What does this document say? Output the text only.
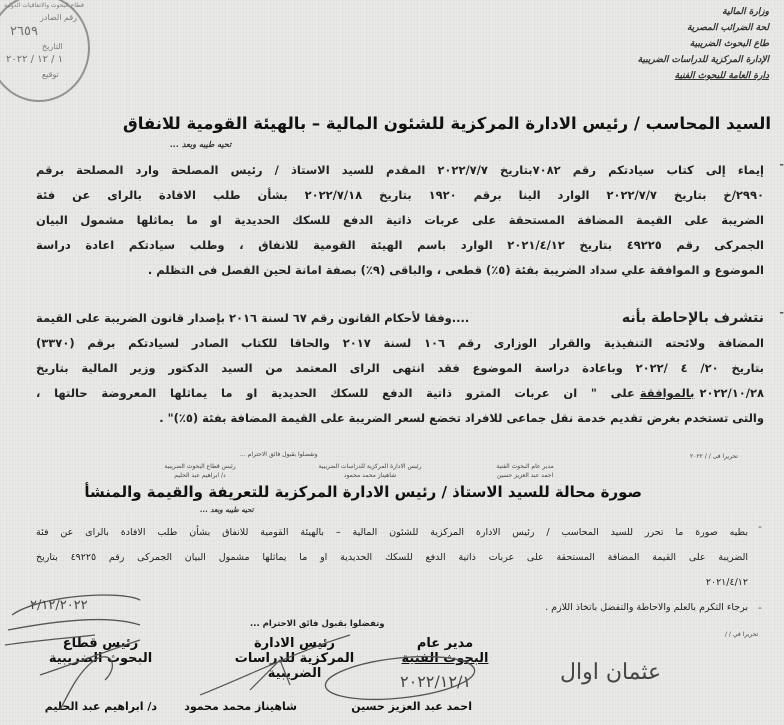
وزارة المالية
لحة الضرائب المصرية
طاع البحوث الضريبية
الإدارة المركزية للدراسات الضريبية
دارة العامة للبحوث الفنية
قطاع البحوث والاتفاقيات الدولية
رقم الصادر
٢٦٥٩
التاريخ
١ / ١٢ / ٢٠٢٢
توقيع
السيد المحاسب / رئيس الادارة المركزية للشئون المالية – بالهيئة القومية للانفاق
تحيه طيبه وبعد ...
-
إيماء إلى كتاب سيادتكم رقم ٧٠٨٢بتاريخ ٢٠٢٢/٧/٧ المقدم للسيد الاستاذ / رئيس المصلحة وارد المصلحة برقم
٢٩٩٠/خ بتاريخ ٢٠٢٢/٧/٧ الوارد الينا برقم ١٩٢٠ بتاريخ ٢٠٢٢/٧/١٨ بشأن طلب الافادة بالراى عن فئة
الضريبة على القيمة المضافة المستحقة على عربات ذاتية الدفع للسكك الحديدية او ما يماثلها مشمول البيان
الجمركى رقم ٤٩٢٢٥ بتاريخ ٢٠٢١/٤/١٢ الوارد باسم الهيئة القومية للانفاق ، وطلب سيادتكم اعادة دراسة
الموضوع و الموافقة علي سداد الضريبة بفئة (٥٪) قطعى ، والباقى (٩٪) بصفة امانة لحين الفصل فى التظلم .
-
نتشرف بالإحاطة بأنه
....وفقا لأحكام القانون رقم ٦٧ لسنة ٢٠١٦ بإصدار قانون الضريبة على القيمة
المضافة ولائحته التنفيذية والقرار الوزارى رقم ١٠٦ لسنة ٢٠١٧ والحاقا للكتاب الصادر لسيادتكم برقم (٣٣٧٠)
بتاريخ ٢٠/ ٤ /٢٠٢٢ وباعادة دراسة الموضوع فقد انتهى الراى المعتمد من السيد الدكتور وزير المالية بتاريخ
٢٠٢٢/١٠/٢٨
بالموافقة
على " ان عربات المترو ذاتية الدفع للسكك الحديدية او ما يماثلها المعروضة حالتها ،
والتى تستخدم بغرض تقديم خدمة نقل جماعى للافراد تخضع لسعر الضريبة على القيمة المضافة بفئة (٥٪)" .
وتفضلوا بقبول فائق الاحترام ...	تحريرا فى / / ٢٠٢٢
مدير عام البحوث الفنية
احمد عبد العزيز حسين
رئيس الادارة المركزية للدراسات الضريبية
شاهيناز محمد محمود
رئيس قطاع البحوث الضريبية
د/ ابراهيم عبد الحليم
صورة محالة للسيد الاستاذ / رئيس الادارة المركزية للتعريفة والقيمة والمنشأ
تحيه طيبه وبعد ...
-
بطيه صورة ما تحرر للسيد المحاسب / رئيس الادارة المركزية للشئون المالية – بالهيئة القومية للانفاق بشأن طلب الافادة بالراى عن فئة
الضريبة على القيمة المضافة المستحقة على عربات ذاتية الدفع للسكك الحديدية او ما يماثلها مشمول البيان الجمركى رقم ٤٩٢٢٥ بتاريخ
٢٠٢١/٤/١٢
-
برجاء التكرم بالعلم والاحاطة والتفضل باتخاذ اللازم .
وتفضلوا بقبول فائق الاحترام ...
تحريرا في / /
مدير عام
البحوث الفنية
رئيس الادارة
المركزية للدراسات الضريبية
رئيس قطاع
البحوث الضريبية
احمد عبد العزيز حسين
شاهيناز محمد محمود
د/ ابراهيم عبد الحليم
٢٠٢٢/١٢/١
٢/١٢/٢٠٢٢
عثمان اوال
